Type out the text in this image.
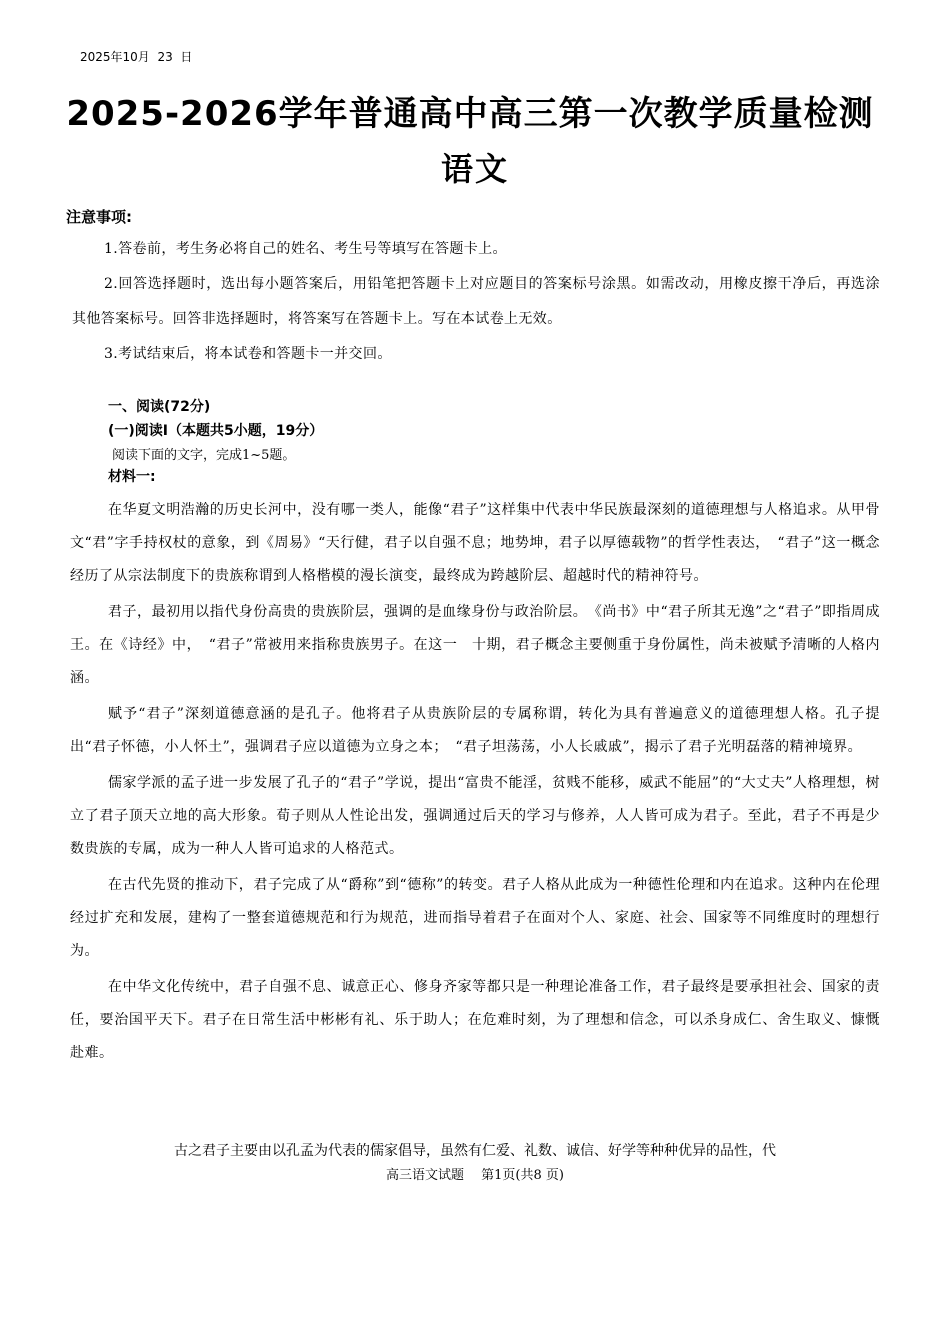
2025年10月  23  日
2025-2026学年普通高中高三第一次教学质量检测
语文
注意事项:

1.答卷前，考生务必将自己的姓名、考生号等填写在答题卡上。

2.回答选择题时，选出每小题答案后，用铅笔把答题卡上对应题目的答案标号涂黑。如需改动，用橡皮擦干净后，再选涂其他答案标号。回答非选择题时，将答案写在答题卡上。写在本试卷上无效。

3.考试结束后，将本试卷和答题卡一并交回。

一、阅读(72分)
(一)阅读Ⅰ（本题共5小题，19分）
阅读下面的文字，完成1~5题。
材料一:

在华夏文明浩瀚的历史长河中，没有哪一类人，能像“君子”这样集中代表中华民族最深刻的道德理想与人格追求。从甲骨文“君”字手持权杖的意象，到《周易》“天行健，君子以自强不息；地势坤，君子以厚德载物”的哲学性表达，　“君子”这一概念经历了从宗法制度下的贵族称谓到人格楷模的漫长演变，最终成为跨越阶层、超越时代的精神符号。

君子，最初用以指代身份高贵的贵族阶层，强调的是血缘身份与政治阶层。　《尚书》中“君子所其无逸”之“君子”即指周成王。在《诗经》中，　“君子”常被用来指称贵族男子。在这一　十期，君子概念主要侧重于身份属性，尚未被赋予清晰的人格内涵。

赋予“君子”深刻道德意涵的是孔子。他将君子从贵族阶层的专属称谓，转化为具有普遍意义的道德理想人格。孔子提出“君子怀德，小人怀土”，强调君子应以道德为立身之本；　“君子坦荡荡，小人长戚戚”，揭示了君子光明磊落的精神境界。

儒家学派的孟子进一步发展了孔子的“君子”学说，提出“富贵不能淫，贫贱不能移，威武不能屈”的“大丈夫”人格理想，树立了君子顶天立地的高大形象。荀子则从人性论出发，强调通过后天的学习与修养，人人皆可成为君子。至此，君子不再是少数贵族的专属，成为一种人人皆可追求的人格范式。

在古代先贤的推动下，君子完成了从“爵称”到“德称”的转变。君子人格从此成为一种德性伦理和内在追求。这种内在伦理经过扩充和发展，建构了一整套道德规范和行为规范，进而指导着君子在面对个人、家庭、社会、国家等不同维度时的理想行为。

在中华文化传统中，君子自强不息、诚意正心、修身齐家等都只是一种理论准备工作，君子最终是要承担社会、国家的责任，要治国平天下。君子在日常生活中彬彬有礼、乐于助人；在危难时刻，为了理想和信念，可以杀身成仁、舍生取义、慷慨赴难。

古之君子主要由以孔孟为代表的儒家倡导，虽然有仁爱、礼数、诚信、好学等种种优异的品性，代
高三语文试题　 第1页(共8 页)
